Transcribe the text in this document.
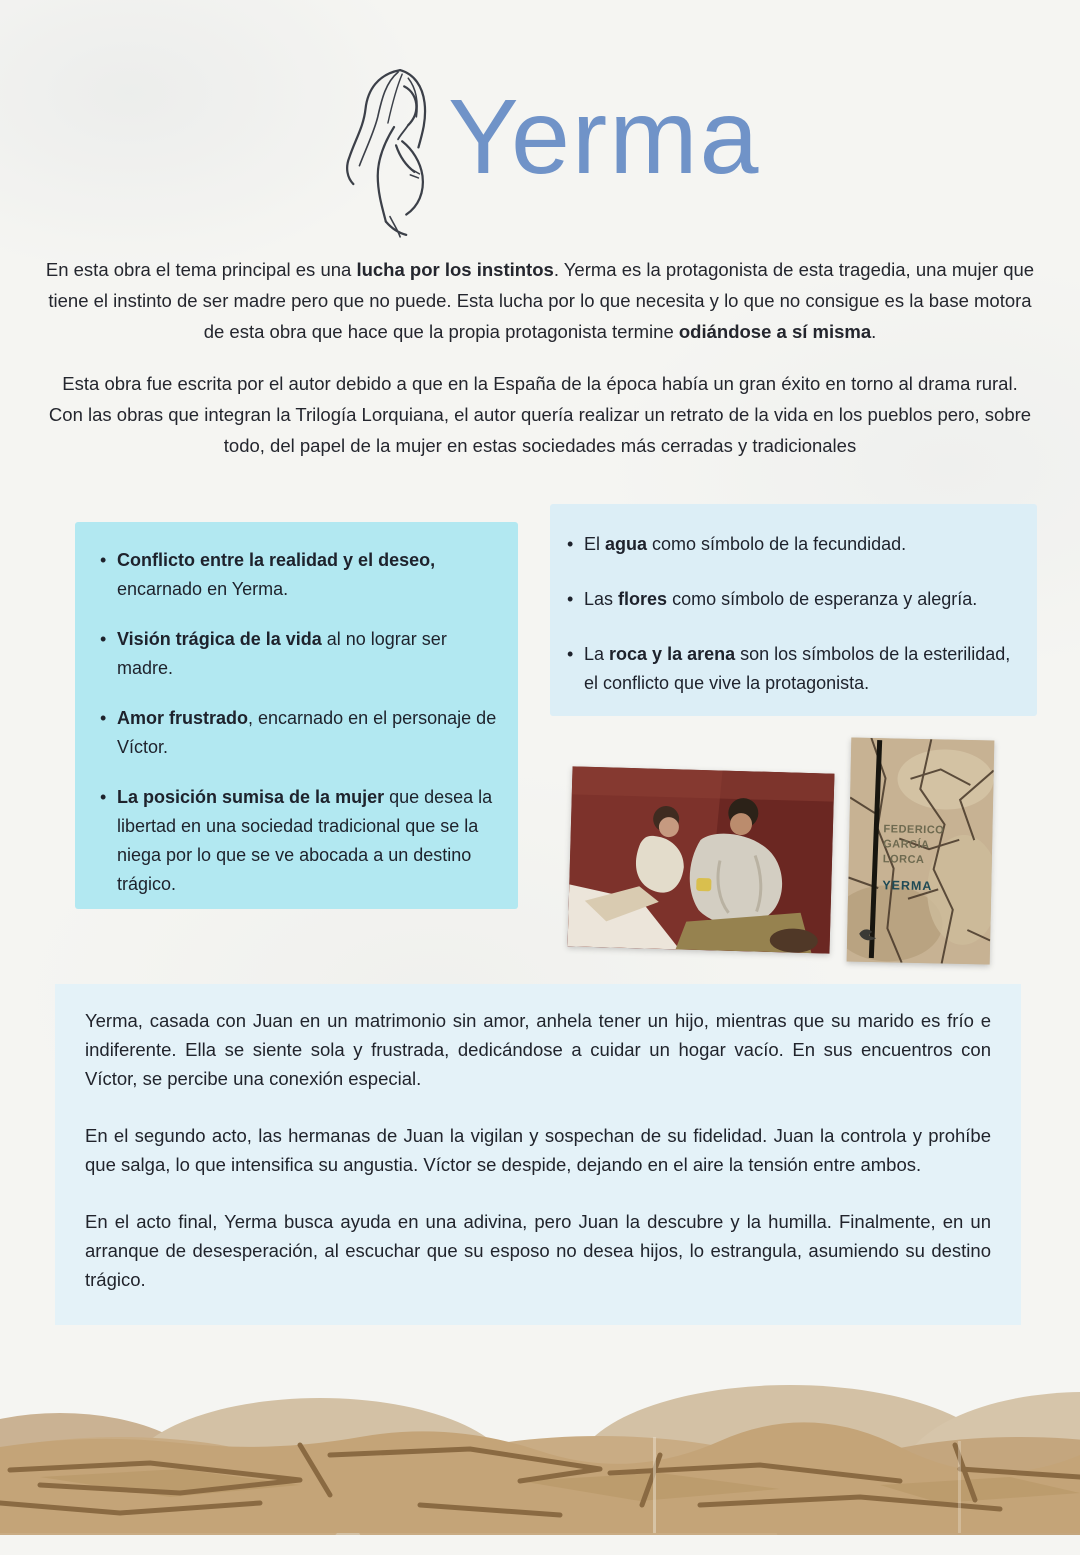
Yerma

En esta obra el tema principal es una lucha por los instintos. Yerma es la protagonista de esta tragedia, una mujer que tiene el instinto de ser madre pero que no puede. Esta lucha por lo que necesita y lo que no consigue es la base motora de esta obra que hace que la propia protagonista termine odiándose a sí misma.

Esta obra fue escrita por el autor debido a que en la España de la época había un gran éxito en torno al drama rural. Con las obras que integran la Trilogía Lorquiana, el autor quería realizar un retrato de la vida en los pueblos pero, sobre todo, del papel de la mujer en estas sociedades más cerradas y tradicionales

• Conflicto entre la realidad y el deseo, encarnado en Yerma.
• Visión trágica de la vida al no lograr ser madre.
• Amor frustrado, encarnado en el personaje de Víctor.
• La posición sumisa de la mujer que desea la libertad en una sociedad tradicional que se la niega por lo que se ve abocada a un destino trágico.
• El agua como símbolo de la fecundidad.
• Las flores como símbolo de esperanza y alegría.
• La roca y la arena son los símbolos de la esterilidad, el conflicto que vive la protagonista.
FEDERICO
GARCÍA
LORCA
YERMA

Yerma, casada con Juan en un matrimonio sin amor, anhela tener un hijo, mientras que su marido es frío e indiferente. Ella se siente sola y frustrada, dedicándose a cuidar un hogar vacío. En sus encuentros con Víctor, se percibe una conexión especial.

En el segundo acto, las hermanas de Juan la vigilan y sospechan de su fidelidad. Juan la controla y prohíbe que salga, lo que intensifica su angustia. Víctor se despide, dejando en el aire la tensión entre ambos.

En el acto final, Yerma busca ayuda en una adivina, pero Juan la descubre y la humilla. Finalmente, en un arranque de desesperación, al escuchar que su esposo no desea hijos, lo estrangula, asumiendo su destino trágico.
